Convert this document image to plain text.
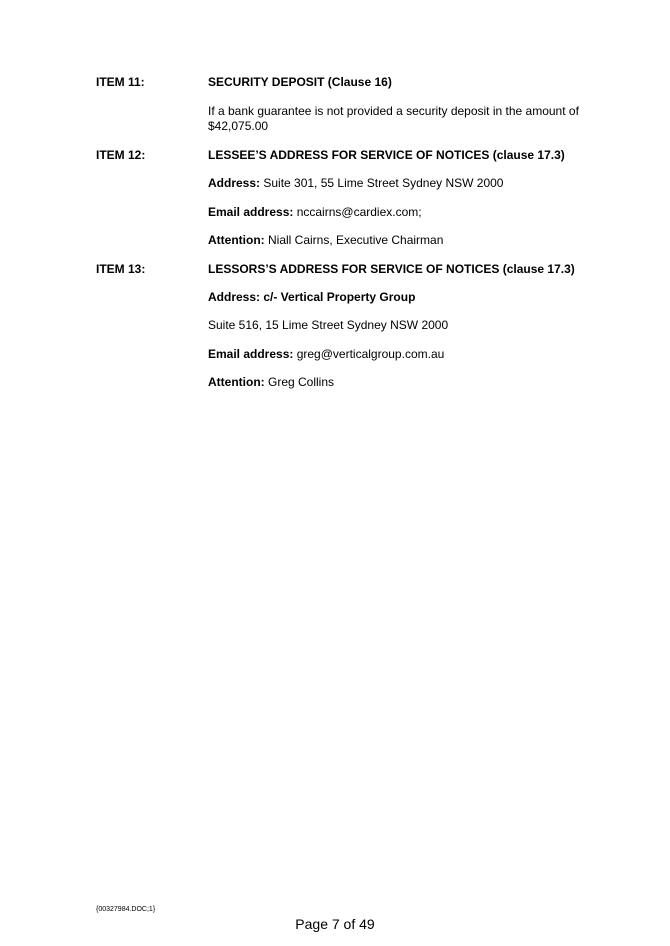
ITEM 11:	SECURITY DEPOSIT (Clause 16)
If a bank guarantee is not provided a security deposit in the amount of $42,075.00
ITEM 12:	LESSEE’S ADDRESS FOR SERVICE OF NOTICES (clause 17.3)
Address: Suite 301, 55 Lime Street Sydney NSW 2000
Email address: nccairns@cardiex.com;
Attention: Niall Cairns, Executive Chairman
ITEM 13:	LESSORS’S ADDRESS FOR SERVICE OF NOTICES (clause 17.3)
Address: c/- Vertical Property Group
Suite 516, 15 Lime Street Sydney NSW 2000
Email address: greg@verticalgroup.com.au
Attention: Greg Collins
{00327984.DOC;1}
Page 7 of 49
